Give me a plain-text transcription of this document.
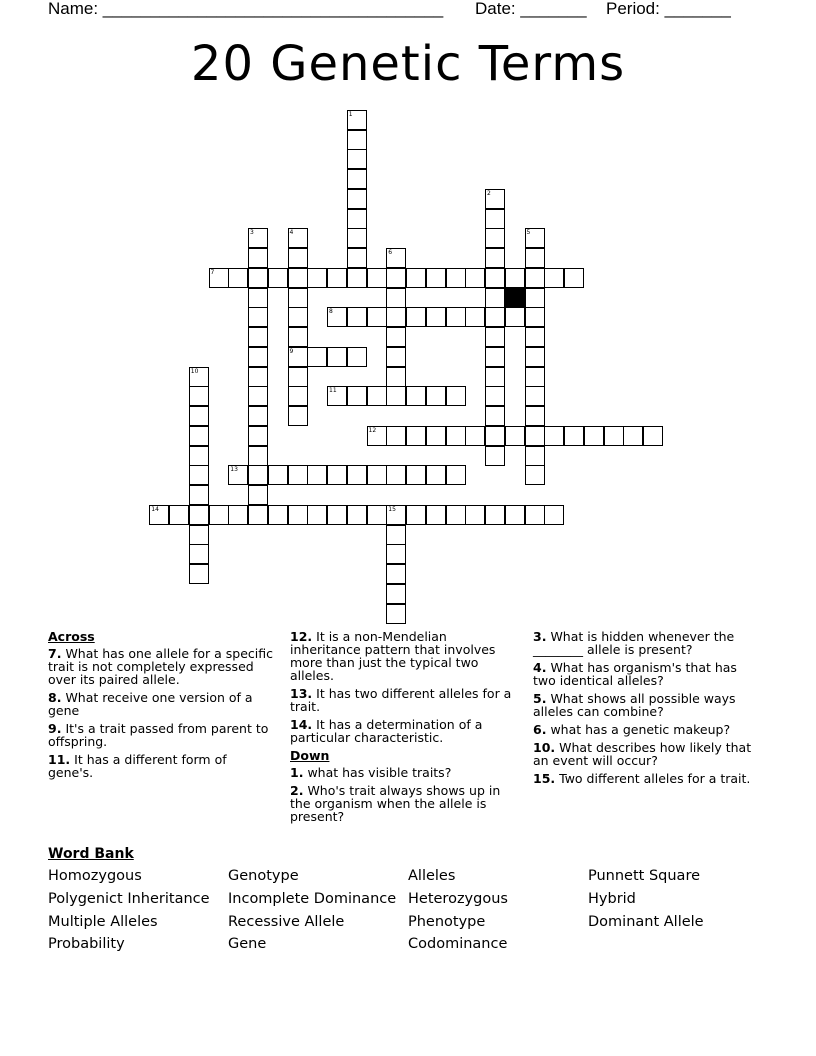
Name: ____________________________________ Date: _______ Period: _______
20 Genetic Terms
1
2
3	4
9
5
6
7
8
10
11
12
13
14	15
Across
7. What has one allele for a specific trait is not completely expressed over its paired allele.
8. What receive one version of a gene
9. It's a trait passed from parent to offspring.
11. It has a different form of gene's.
12. It is a non-Mendelian inheritance pattern that involves more than just the typical two alleles.
13. It has two different alleles for a trait.
14. It has a determination of a particular characteristic.
Down
1. what has visible traits?
2. Who's trait always shows up in the organism when the allele is present?
3. What is hidden whenever the ________ allele is present?
4. What has organism's that has two identical alleles?
5. What shows all possible ways alleles can combine?
6. what has a genetic makeup?
10. What describes how likely that an event will occur?
15. Two different alleles for a trait.
Word Bank
Homozygous
Polygenict Inheritance
Multiple Alleles
Probability
Genotype
Incomplete Dominance
Recessive Allele
Gene
Alleles
Heterozygous
Phenotype
Codominance
Punnett Square
Hybrid
Dominant Allele
